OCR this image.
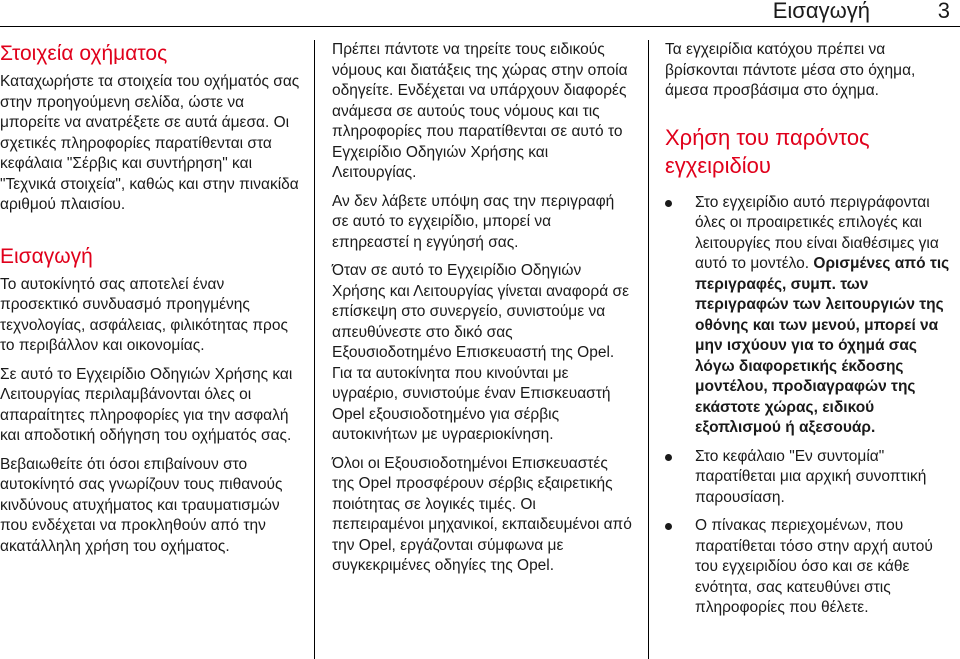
Εισαγωγή	3
Στοιχεία οχήματος

Καταχωρήστε τα στοιχεία του οχήματός σας στην προηγούμενη σελίδα, ώστε να μπορείτε να ανατρέξετε σε αυτά άμεσα. Οι σχετικές πληροφορίες παρατίθενται στα κεφάλαια "Σέρβις και συντήρηση" και "Τεχνικά στοιχεία", καθώς και στην πινακίδα αριθμού πλαισίου.

Εισαγωγή

Το αυτοκίνητό σας αποτελεί έναν προσεκτικό συνδυασμό προηγμένης τεχνολογίας, ασφάλειας, φιλικότητας προς το περιβάλλον και οικονομίας.

Σε αυτό το Εγχειρίδιο Οδηγιών Χρήσης και Λειτουργίας περιλαμβάνονται όλες οι απαραίτητες πληροφορίες για την ασφαλή και αποδοτική οδήγηση του οχήματός σας.

Βεβαιωθείτε ότι όσοι επιβαίνουν στο αυτοκίνητό σας γνωρίζουν τους πιθανούς κινδύνους ατυχήματος και τραυματισμών που ενδέχεται να προκληθούν από την ακατάλληλη χρήση του οχήματος.

Πρέπει πάντοτε να τηρείτε τους ειδικούς νόμους και διατάξεις της χώρας στην οποία οδηγείτε. Ενδέχεται να υπάρχουν διαφορές ανάμεσα σε αυτούς τους νόμους και τις πληροφορίες που παρατίθενται σε αυτό το Εγχειρίδιο Οδηγιών Χρήσης και Λειτουργίας.

Αν δεν λάβετε υπόψη σας την περιγραφή σε αυτό το εγχειρίδιο, μπορεί να επηρεαστεί η εγγύησή σας.

Όταν σε αυτό το Εγχειρίδιο Οδηγιών Χρήσης και Λειτουργίας γίνεται αναφορά σε επίσκεψη στο συνεργείο, συνιστούμε να απευθύνεστε στο δικό σας Εξουσιοδοτημένο Επισκευαστή της Opel. Για τα αυτοκίνητα που κινούνται με υγραέριο, συνιστούμε έναν Επισκευαστή Opel εξουσιοδοτημένο για σέρβις αυτοκινήτων με υγραεριοκίνηση.

Όλοι οι Εξουσιοδοτημένοι Επισκευαστές της Opel προσφέρουν σέρβις εξαιρετικής ποιότητας σε λογικές τιμές. Οι πεπειραμένοι μηχανικοί, εκπαιδευμένοι από την Opel, εργάζονται σύμφωνα με συγκεκριμένες οδηγίες της Opel.

Τα εγχειρίδια κατόχου πρέπει να βρίσκονται πάντοτε μέσα στο όχημα, άμεσα προσβάσιμα στο όχημα.

Χρήση του παρόντος εγχειριδίου
Στο εγχειρίδιο αυτό περιγράφονται όλες οι προαιρετικές επιλογές και λειτουργίες που είναι διαθέσιμες για αυτό το μοντέλο. Ορισμένες από τις περιγραφές, συμπ. των περιγραφών των λειτουργιών της οθόνης και των μενού, μπορεί να μην ισχύουν για το όχημά σας λόγω διαφορετικής έκδοσης μοντέλου, προδιαγραφών της εκάστοτε χώρας, ειδικού εξοπλισμού ή αξεσουάρ.
Στο κεφάλαιο "Εν συντομία" παρατίθεται μια αρχική συνοπτική παρουσίαση.
Ο πίνακας περιεχομένων, που παρατίθεται τόσο στην αρχή αυτού του εγχειριδίου όσο και σε κάθε ενότητα, σας κατευθύνει στις πληροφορίες που θέλετε.
